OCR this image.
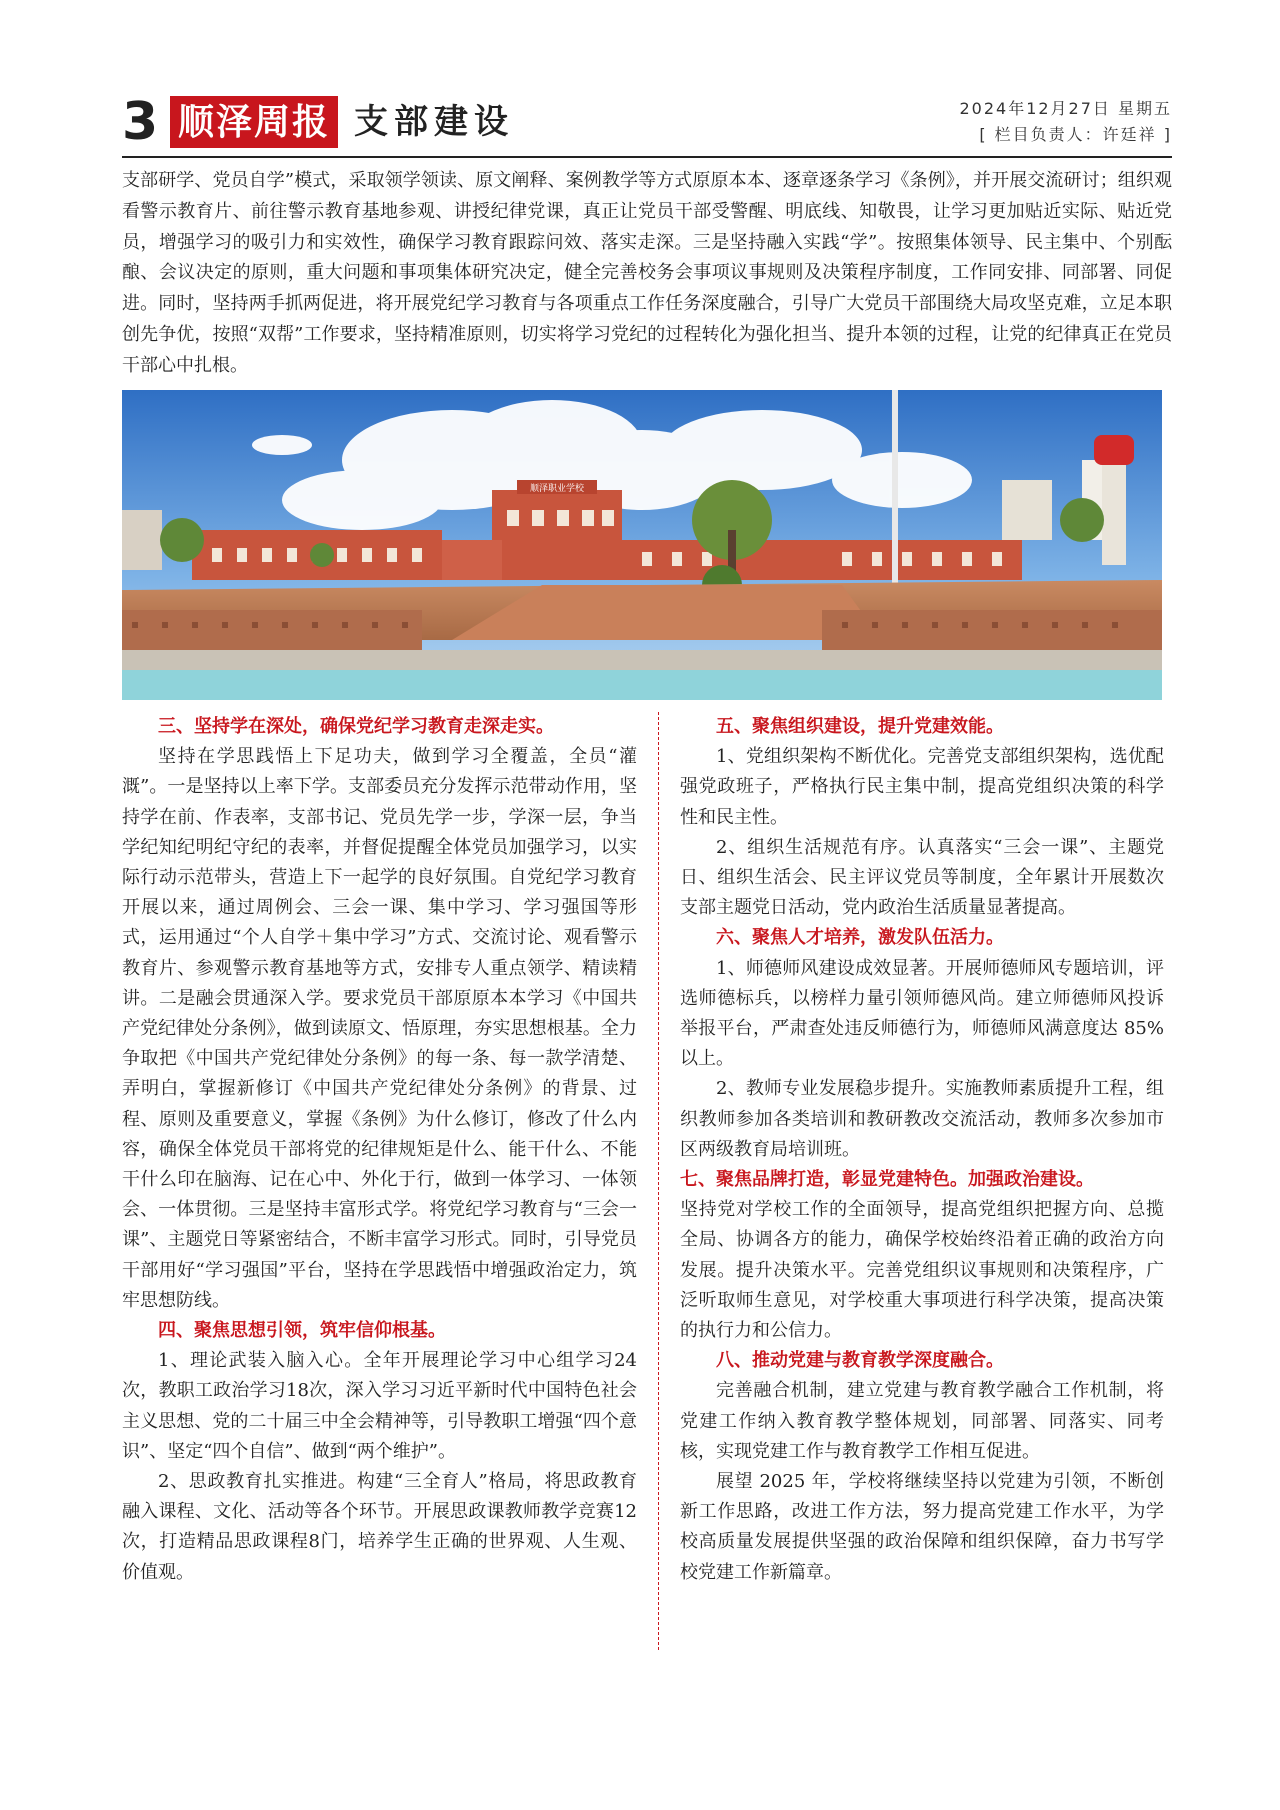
3 顺泽周报 支部建设	2024年12月27日 星期五
[ 栏目负责人：许廷祥 ]

支部研学、党员自学”模式，采取领学领读、原文阐释、案例教学等方式原原本本、逐章逐条学习《条例》，并开展交流研讨；组织观看警示教育片、前往警示教育基地参观、讲授纪律党课，真正让党员干部受警醒、明底线、知敬畏，让学习更加贴近实际、贴近党员，增强学习的吸引力和实效性，确保学习教育跟踪问效、落实走深。三是坚持融入实践“学”。按照集体领导、民主集中、个别酝酿、会议决定的原则，重大问题和事项集体研究决定，健全完善校务会事项议事规则及决策程序制度，工作同安排、同部署、同促进。同时，坚持两手抓两促进，将开展党纪学习教育与各项重点工作任务深度融合，引导广大党员干部围绕大局攻坚克难，立足本职创先争优，按照“双帮”工作要求，坚持精准原则，切实将学习党纪的过程转化为强化担当、提升本领的过程，让党的纪律真正在党员干部心中扎根。

顺泽职业学校
三、坚持学在深处，确保党纪学习教育走深走实。

坚持在学思践悟上下足功夫，做到学习全覆盖，全员“灌溉”。一是坚持以上率下学。支部委员充分发挥示范带动作用，坚持学在前、作表率，支部书记、党员先学一步，学深一层，争当学纪知纪明纪守纪的表率，并督促提醒全体党员加强学习，以实际行动示范带头，营造上下一起学的良好氛围。自党纪学习教育开展以来，通过周例会、三会一课、集中学习、学习强国等形式，运用通过“个人自学＋集中学习”方式、交流讨论、观看警示教育片、参观警示教育基地等方式，安排专人重点领学、精读精讲。二是融会贯通深入学。要求党员干部原原本本学习《中国共产党纪律处分条例》，做到读原文、悟原理，夯实思想根基。全力争取把《中国共产党纪律处分条例》的每一条、每一款学清楚、弄明白，掌握新修订《中国共产党纪律处分条例》的背景、过程、原则及重要意义，掌握《条例》为什么修订，修改了什么内容，确保全体党员干部将党的纪律规矩是什么、能干什么、不能干什么印在脑海、记在心中、外化于行，做到一体学习、一体领会、一体贯彻。三是坚持丰富形式学。将党纪学习教育与“三会一课”、主题党日等紧密结合，不断丰富学习形式。同时，引导党员干部用好“学习强国”平台，坚持在学思践悟中增强政治定力，筑牢思想防线。

四、聚焦思想引领，筑牢信仰根基。

1、理论武装入脑入心。全年开展理论学习中心组学习24次，教职工政治学习18次，深入学习习近平新时代中国特色社会主义思想、党的二十届三中全会精神等，引导教职工增强“四个意识”、坚定“四个自信”、做到“两个维护”。

2、思政教育扎实推进。构建“三全育人”格局，将思政教育融入课程、文化、活动等各个环节。开展思政课教师教学竞赛12次，打造精品思政课程8门，培养学生正确的世界观、人生观、价值观。

五、聚焦组织建设，提升党建效能。

1、党组织架构不断优化。完善党支部组织架构，选优配强党政班子，严格执行民主集中制，提高党组织决策的科学性和民主性。

2、组织生活规范有序。认真落实“三会一课”、主题党日、组织生活会、民主评议党员等制度，全年累计开展数次支部主题党日活动，党内政治生活质量显著提高。

六、聚焦人才培养，激发队伍活力。

1、师德师风建设成效显著。开展师德师风专题培训，评选师德标兵，以榜样力量引领师德风尚。建立师德师风投诉举报平台，严肃查处违反师德行为，师德师风满意度达 85% 以上。

2、教师专业发展稳步提升。实施教师素质提升工程，组织教师参加各类培训和教研教改交流活动，教师多次参加市区两级教育局培训班。

七、聚焦品牌打造，彰显党建特色。加强政治建设。

坚持党对学校工作的全面领导，提高党组织把握方向、总揽全局、协调各方的能力，确保学校始终沿着正确的政治方向发展。提升决策水平。完善党组织议事规则和决策程序，广泛听取师生意见，对学校重大事项进行科学决策，提高决策的执行力和公信力。

八、推动党建与教育教学深度融合。

完善融合机制，建立党建与教育教学融合工作机制，将党建工作纳入教育教学整体规划，同部署、同落实、同考核，实现党建工作与教育教学工作相互促进。

展望 2025 年，学校将继续坚持以党建为引领，不断创新工作思路，改进工作方法，努力提高党建工作水平，为学校高质量发展提供坚强的政治保障和组织保障，奋力书写学校党建工作新篇章。
